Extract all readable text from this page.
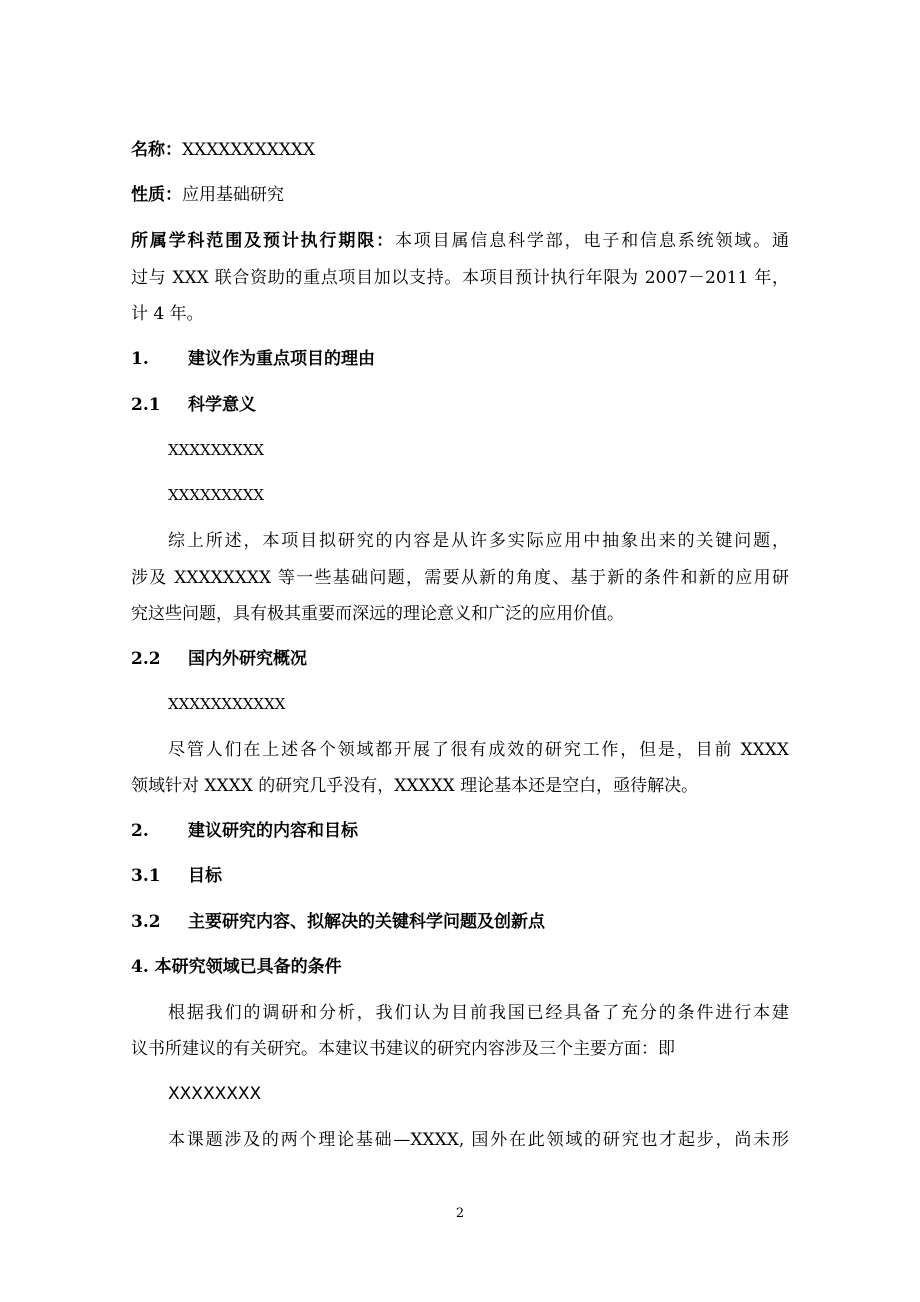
名称：XXXXXXXXXXX
性质：应用基础研究
所属学科范围及预计执行期限：本项目属信息科学部，电子和信息系统领域。通
过与 XXX 联合资助的重点项目加以支持。本项目预计执行年限为 2007－2011 年，
计 4 年。
1. 建议作为重点项目的理由
2.1 科学意义
XXXXXXXXX
XXXXXXXXX
综上所述，本项目拟研究的内容是从许多实际应用中抽象出来的关键问题，
涉及 XXXXXXXX 等一些基础问题，需要从新的角度、基于新的条件和新的应用研
究这些问题，具有极其重要而深远的理论意义和广泛的应用价值。
2.2 国内外研究概况
XXXXXXXXXXX
尽管人们在上述各个领域都开展了很有成效的研究工作，但是，目前 XXXX
领域针对 XXXX 的研究几乎没有，XXXXX 理论基本还是空白，亟待解决。
2. 建议研究的内容和目标
3.1 目标
3.2 主要研究内容、拟解决的关键科学问题及创新点
4. 本研究领域已具备的条件
根据我们的调研和分析，我们认为目前我国已经具备了充分的条件进行本建
议书所建议的有关研究。本建议书建议的研究内容涉及三个主要方面：即
XXXXXXXX
本课题涉及的两个理论基础—XXXX, 国外在此领域的研究也才起步，尚未形
2
